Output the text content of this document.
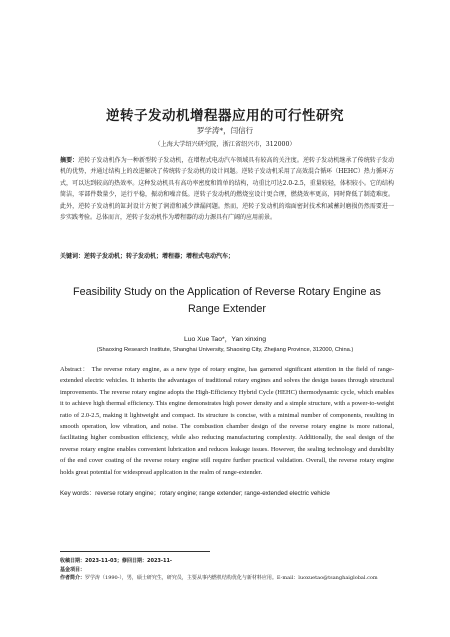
逆转子发动机增程器应用的可行性研究
罗学涛*，闫信行
（上海大学绍兴研究院，浙江省绍兴市，312000）
摘要：逆转子发动机作为一种新型转子发动机，在增程式电动汽车领域具有较高的关注度。逆转子发动机继承了传统转子发动机的优势，并通过结构上的改进解决了传统转子发动机的设计问题。逆转子发动机采用了高效混合循环（HEHC）热力循环方式，可以达到较高的热效率。这种发动机具有高功率密度和简单的结构，功重比可达2.0-2.5，重量较轻，体积较小。它的结构简洁，零部件数量少，运行平稳，振动和噪音低。逆转子发动机的燃烧室设计更合理，燃烧效率更高，同时降低了制造难度。此外，逆转子发动机的缸封设计方便了润滑和减少泄漏问题。然而，逆转子发动机的端面密封技术和减蓄封磨损仍然需要进一步实践考验。总体而言，逆转子发动机作为增程器的动力源具有广阔的应用前景。
关键词：逆转子发动机；转子发动机；增程器；增程式电动汽车；
Feasibility Study on the Application of Reverse Rotary Engine as Range Extender
Luo Xue Tao*，Yan xinxing
(Shaoxing Research Institute, Shanghai University, Shaoxing City, Zhejiang Province, 312000, China.)
Abstract： The reverse rotary engine, as a new type of rotary engine, has garnered significant attention in the field of range-extended electric vehicles. It inherits the advantages of traditional rotary engines and solves the design issues through structural improvements. The reverse rotary engine adopts the High-Efficiency Hybrid Cycle (HEHC) thermodynamic cycle, which enables it to achieve high thermal efficiency. This engine demonstrates high power density and a simple structure, with a power-to-weight ratio of 2.0-2.5, making it lightweight and compact. Its structure is concise, with a minimal number of components, resulting in smooth operation, low vibration, and noise. The combustion chamber design of the reverse rotary engine is more rational, facilitating higher combustion efficiency, while also reducing manufacturing complexity. Additionally, the seal design of the reverse rotary engine enables convenient lubrication and reduces leakage issues. However, the sealing technology and durability of the end cover coating of the reverse rotary engine still require further practical validation. Overall, the reverse rotary engine holds great potential for widespread application in the realm of range-extender.
Key words：reverse rotary engine；rotary engine; range extender; range-extended electric vehicle
收稿日期：2023-11-03；修回日期：2023-11-
基金项目：
作者简介：罗学涛（1990-），男，硕士研究生，研究员，主要从事内燃机结构优化与新材料应用。E-mail：luoxuetao@tsanghaiglobal.com
